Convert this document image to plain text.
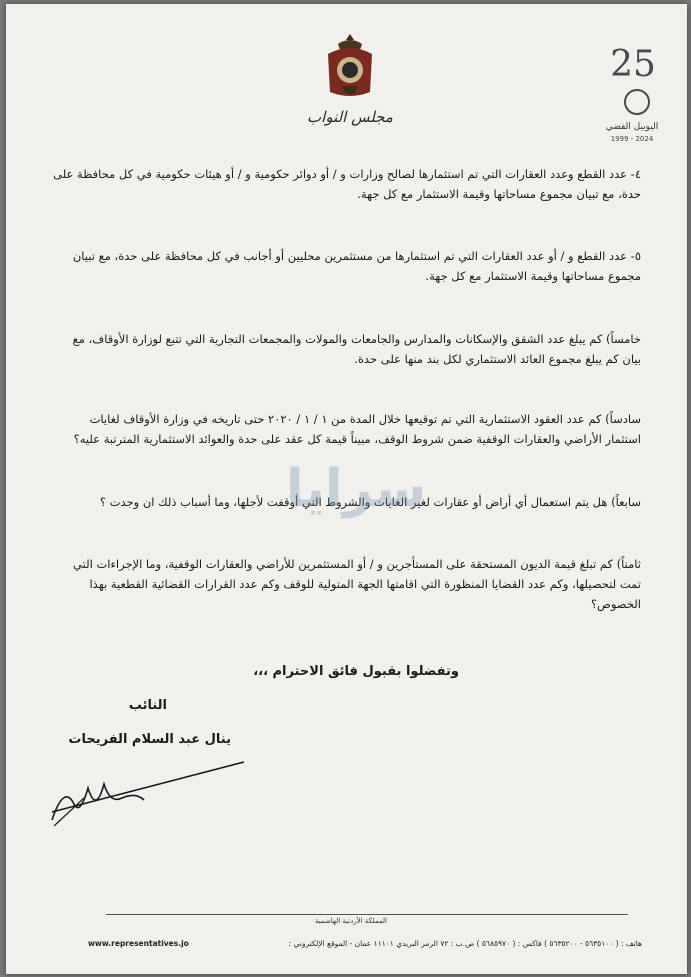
مجلس النواب
25
اليوبيل الفضي
1999 - 2024
٤- عدد القطع وعدد العقارات التي تم استثمارها لصالح وزارات و / أو دوائر حكومية و / أو هيئات حكومية في كل محافظة على حدة، مع تبيان مجموع مساحاتها وقيمة الاستثمار مع كل جهة.
٥- عدد القطع و / أو عدد العقارات التي تم استثمارها من مستثمرين محليين أو أجانب في كل محافظة على حدة، مع تبيان مجموع مساحاتها وقيمة الاستثمار مع كل جهة.
خامساً) كم يبلغ عدد الشقق والإسكانات والمدارس والجامعات والمولات والمجمعات التجارية التي تتبع لوزارة الأوقاف، مع بيان كم يبلغ مجموع العائد الاستثماري لكل بند منها على حدة.
سادساً) كم عدد العقود الاستثمارية التي تم توقيعها خلال المدة من ١ / ١ / ٢٠٢٠ حتى تاريخه في وزارة الأوقاف لغايات استثمار الأراضي والعقارات الوقفية ضمن شروط الوقف، مبيناً قيمة كل عقد على حدة والعوائد الاستثمارية المترتبة عليه؟
سابعاً) هل يتم استعمال أي أراض أو عقارات لغير الغايات والشروط التي أوقفت لأجلها، وما أسباب ذلك ان وجدت ؟
ثامناً) كم تبلغ قيمة الديون المستحقة على المستأجرين و / أو المستثمرين للأراضي والعقارات الوقفية، وما الإجراءات التي تمت لتحصيلها، وكم عدد القضايا المنظورة التي اقامتها الجهة المتولية للوقف وكم عدد القرارات القضائية القطعية بهذا الخصوص؟
سرايا
وتفضلوا بقبول فائق الاحترام ،،،
النائب
ينال عبد السلام الفريحات
المملكة الأردنية الهاشمية
هاتف : ( ٥٦٣٥١٠٠ - ٥٦٣٥٢٠٠ ) فاكس : ( ٥٦٨٥٩٧٠ ) ص.ب : ٧٢ الرمز البريدي ١١١٠١ عمان - الموقع الإلكتروني :
www.representatives.jo
